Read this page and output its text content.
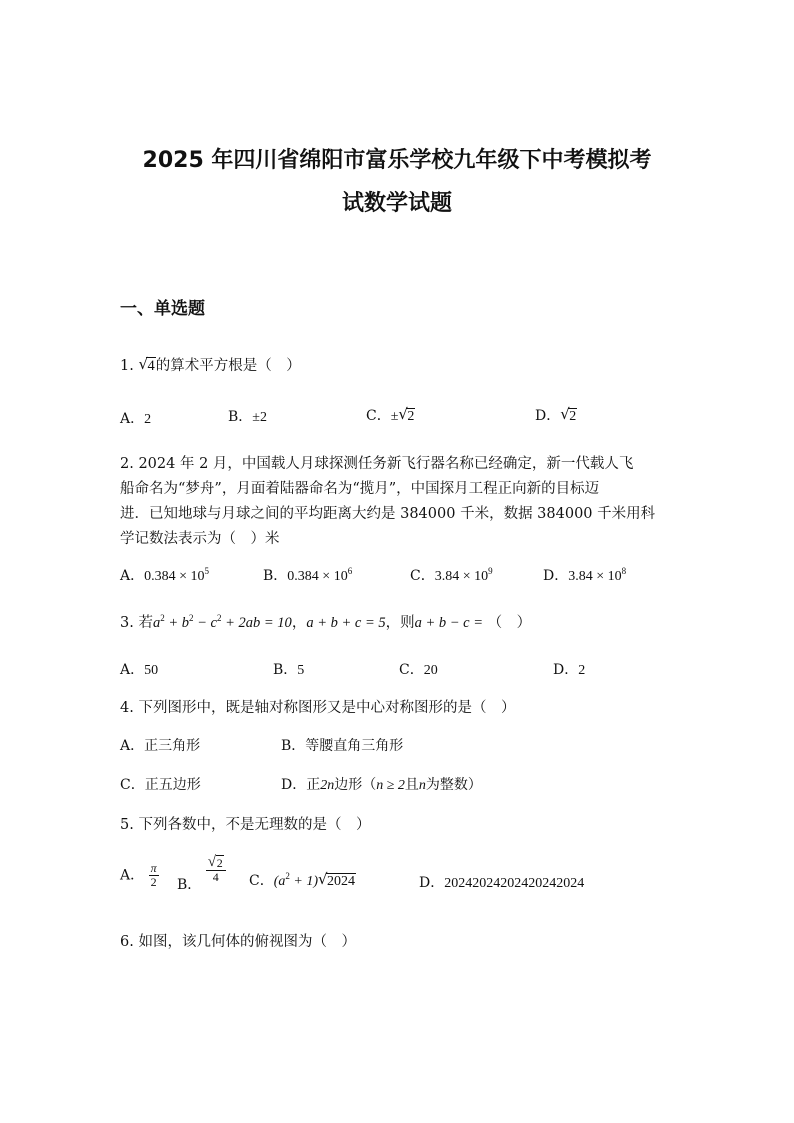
2025 年四川省绵阳市富乐学校九年级下中考模拟考
试数学试题
一、单选题
1. √ 4的算术平方根是（　）
A．2	B．±2	C．± √ 2	D． √ 2
2. 2024 年 2 月，中国载人月球探测任务新飞行器名称已经确定，新一代载人飞
船命名为“梦舟”，月面着陆器命名为“揽月”，中国探月工程正向新的目标迈
进．已知地球与月球之间的平均距离大约是 384000 千米，数据 384000 千米用科
学记数法表示为（　）米
A．$0.384 \times 10^5$	B．$0.384 \times 10^6$	C．$3.84 \times 10^9$	D．$3.84 \times 10^8$
3. 若$a^2 + b^2 - c^2 + 2ab = 10$，a + b + c = 5，则a + b − c = （　）
A．50	B．5	C．20	D．2
4. 下列图形中，既是轴对称图形又是中心对称图形的是（　）
A．正三角形	B．等腰直角三角形
C．正五边形	D．正2n边形（n ≥ 2且n为整数）
5. 下列各数中，不是无理数的是（　）
A． $\frac{\pi}{2}$ B．
$\frac{√ 2}{4}$ C．$(a^2 + 1)$ √ 2024	D．20242024202420242024
6. 如图，该几何体的俯视图为（　）
